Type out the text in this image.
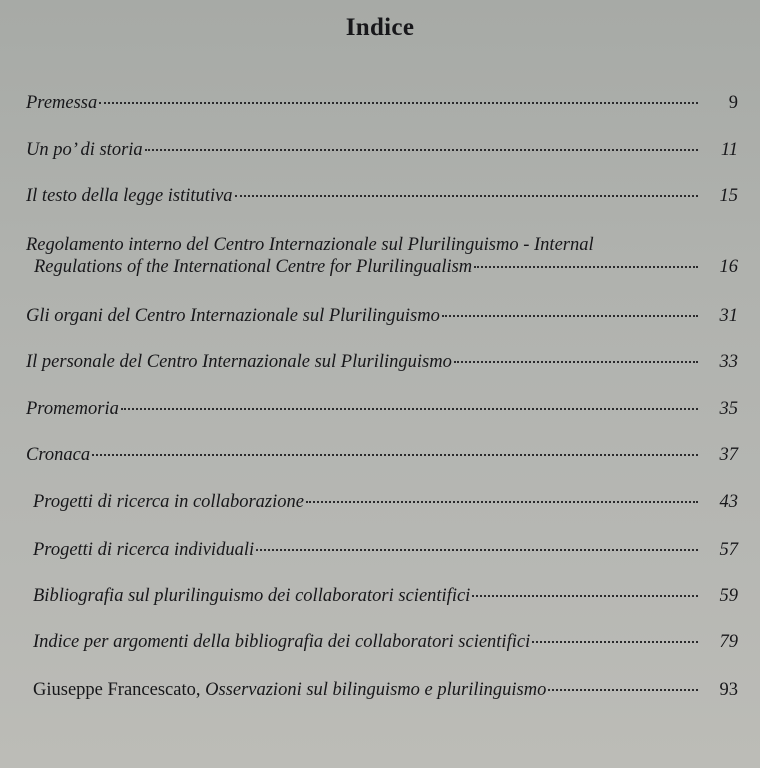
Indice
Premessa	9
Un po’ di storia	11
Il testo della legge istitutiva	15
Regolamento interno del Centro Internazionale sul Plurilinguismo - Internal
Regulations of the International Centre for Plurilingualism	16
Gli organi del Centro Internazionale sul Plurilinguismo	31
Il personale del Centro Internazionale sul Plurilinguismo	33
Promemoria	35
Cronaca	37
Progetti di ricerca in collaborazione	43
Progetti di ricerca individuali	57
Bibliografia sul plurilinguismo dei collaboratori scientifici	59
Indice per argomenti della bibliografia dei collaboratori scientifici	79
Giuseppe Francescato, Osservazioni sul bilinguismo e plurilinguismo	93
